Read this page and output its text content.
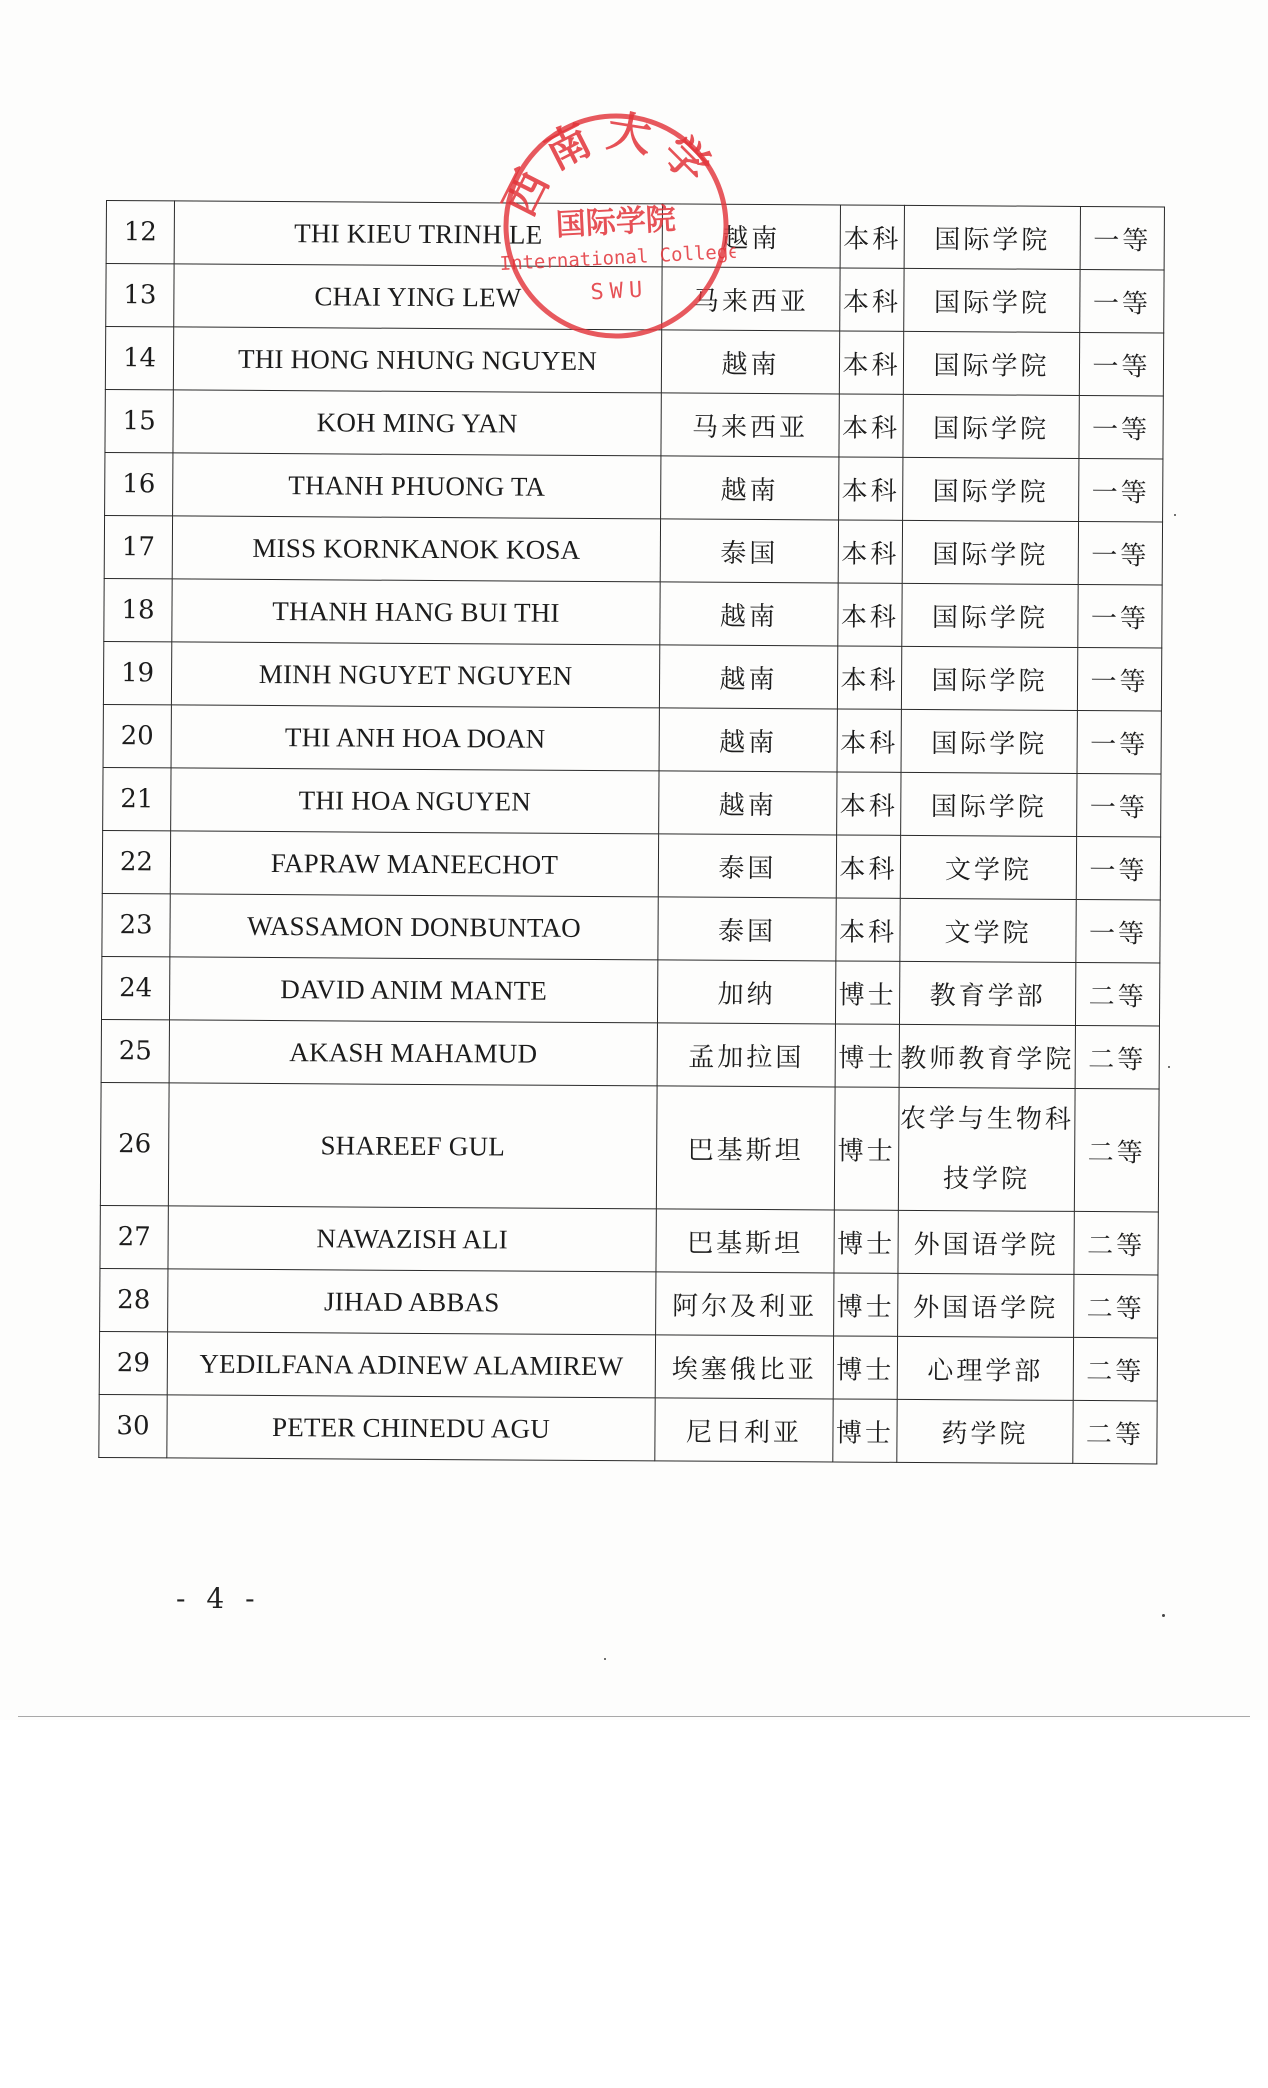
12	THI KIEU TRINH LE	越南	本科	国际学院	一等
13	CHAI YING LEW	马来西亚	本科	国际学院	一等
14	THI HONG NHUNG NGUYEN	越南	本科	国际学院	一等
15	KOH MING YAN	马来西亚	本科	国际学院	一等
16	THANH PHUONG TA	越南	本科	国际学院	一等
17	MISS KORNKANOK KOSA	泰国	本科	国际学院	一等
18	THANH HANG BUI THI	越南	本科	国际学院	一等
19	MINH NGUYET NGUYEN	越南	本科	国际学院	一等
20	THI ANH HOA DOAN	越南	本科	国际学院	一等
21	THI HOA NGUYEN	越南	本科	国际学院	一等
22	FAPRAW MANEECHOT	泰国	本科	文学院	一等
23	WASSAMON DONBUNTAO	泰国	本科	文学院	一等
24	DAVID ANIM MANTE	加纳	博士	教育学部	二等
25	AKASH MAHAMUD	孟加拉国	博士	教师教育学院	二等
26	SHAREEF GUL	巴基斯坦	博士	农学与生物科
技学院	二等
27	NAWAZISH ALI	巴基斯坦	博士	外国语学院	二等
28	JIHAD ABBAS	阿尔及利亚	博士	外国语学院	二等
29	YEDILFANA ADINEW ALAMIREW	埃塞俄比亚	博士	心理学部	二等
30	PETER CHINEDU AGU	尼日利亚	博士	药学院	二等
西南大学
国际学院
International College
SWU
- 4 -
